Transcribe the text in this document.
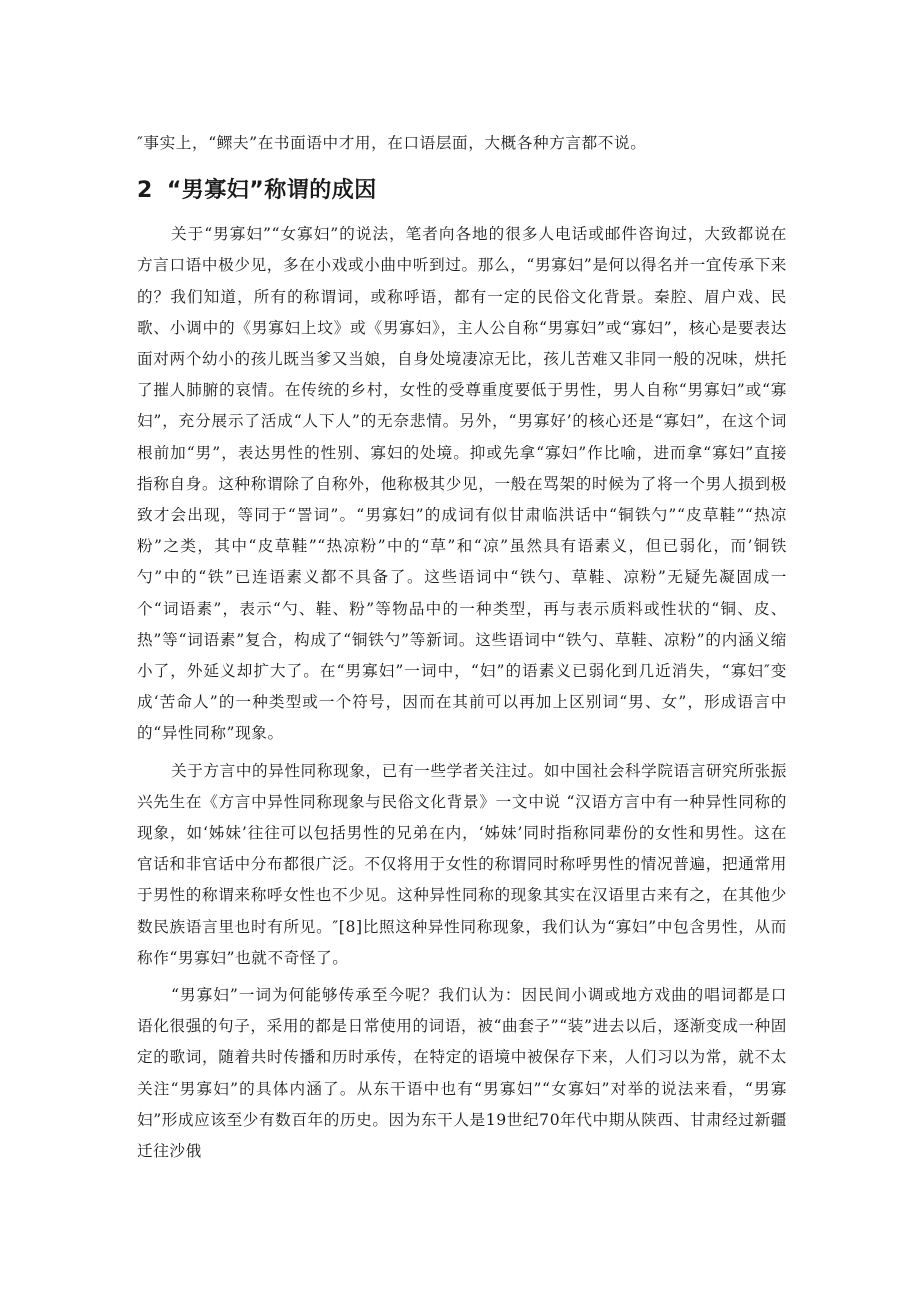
″事实上，“鳏夫”在书面语中才用，在口语层面，大概各种方言都不说。

2 “男寡妇”称谓的成因

关于“男寡妇”“女寡妇”的说法，笔者向各地的很多人电话或邮件咨询过，大致都说在方言口语中极少见，多在小戏或小曲中听到过。那么，“男寡妇”是何以得名并一宜传承下来的？我们知道，所有的称谓词，或称呼语，都有一定的民俗文化背景。秦腔、眉户戏、民歌、小调中的《男寡妇上坟》或《男寡妇》，主人公自称“男寡妇”或“寡妇”，核心是要表达面对两个幼小的孩儿既当爹又当娘，自身处境凄凉无比，孩儿苦难又非同一般的况味，烘托了摧人肺腑的哀情。在传统的乡村，女性的受尊重度要低于男性，男人自称“男寡妇”或“寡妇”，充分展示了活成“人下人”的无奈悲情。另外，“男寡好’的核心还是“寡妇”，在这个词根前加“男”，表达男性的性别、寡妇的处境。抑或先拿“寡妇”作比喻，进而拿“寡妇”直接指称自身。这种称谓除了自称外，他称极其少见，一般在骂架的时候为了将一个男人损到极致才会出现，等同于“詈词”。“男寡妇”的成词有似甘肃临洪话中“铜铁勺”“皮草鞋”“热凉粉”之类，其中“皮草鞋”“热凉粉”中的“草”和“凉”虽然具有语素义，但已弱化，而’铜铁勺”中的“铁”已连语素义都不具备了。这些语词中“铁勺、草鞋、凉粉”无疑先凝固成一个“词语素”，表示“勺、鞋、粉”等物品中的一种类型，再与表示质料或性状的“铜、皮、热”等“词语素”复合，构成了“铜铁勺”等新词。这些语词中“铁勺、草鞋、凉粉”的内涵义缩小了，外延义却扩大了。在“男寡妇”一词中，“妇”的语素义已弱化到几近消失，“寡妇″变成‘苦命人”的一种类型或一个符号，因而在其前可以再加上区别词“男、女”，形成语言中的“异性同称”现象。

关于方言中的异性同称现象，已有一些学者关注过。如中国社会科学院语言研究所张振兴先生在《方言中异性同称现象与民俗文化背景》一文中说 “汉语方言中有一种异性同称的现象，如‘姊妹’往往可以包括男性的兄弟在内，‘姊妹’同时指称同辈份的女性和男性。这在官话和非官话中分布都很广泛。不仅将用于女性的称谓同时称呼男性的情况普遍，把通常用于男性的称谓来称呼女性也不少见。这种异性同称的现象其实在汉语里古来有之，在其他少数民族语言里也时有所见。″[8]比照这种异性同称现象，我们认为“寡妇”中包含男性，从而称作“男寡妇”也就不奇怪了。

“男寡妇”一词为何能够传承至今呢？我们认为：因民间小调或地方戏曲的唱词都是口语化很强的句子，采用的都是日常使用的词语，被“曲套子”“装”进去以后，逐渐变成一种固定的歌词，随着共时传播和历时承传，在特定的语境中被保存下来，人们习以为常，就不太关注“男寡妇”的具体内涵了。从东干语中也有“男寡妇”“女寡妇”对举的说法来看，“男寡妇”形成应该至少有数百年的历史。因为东干人是19世纪70年代中期从陕西、甘肃经过新疆迁往沙俄
